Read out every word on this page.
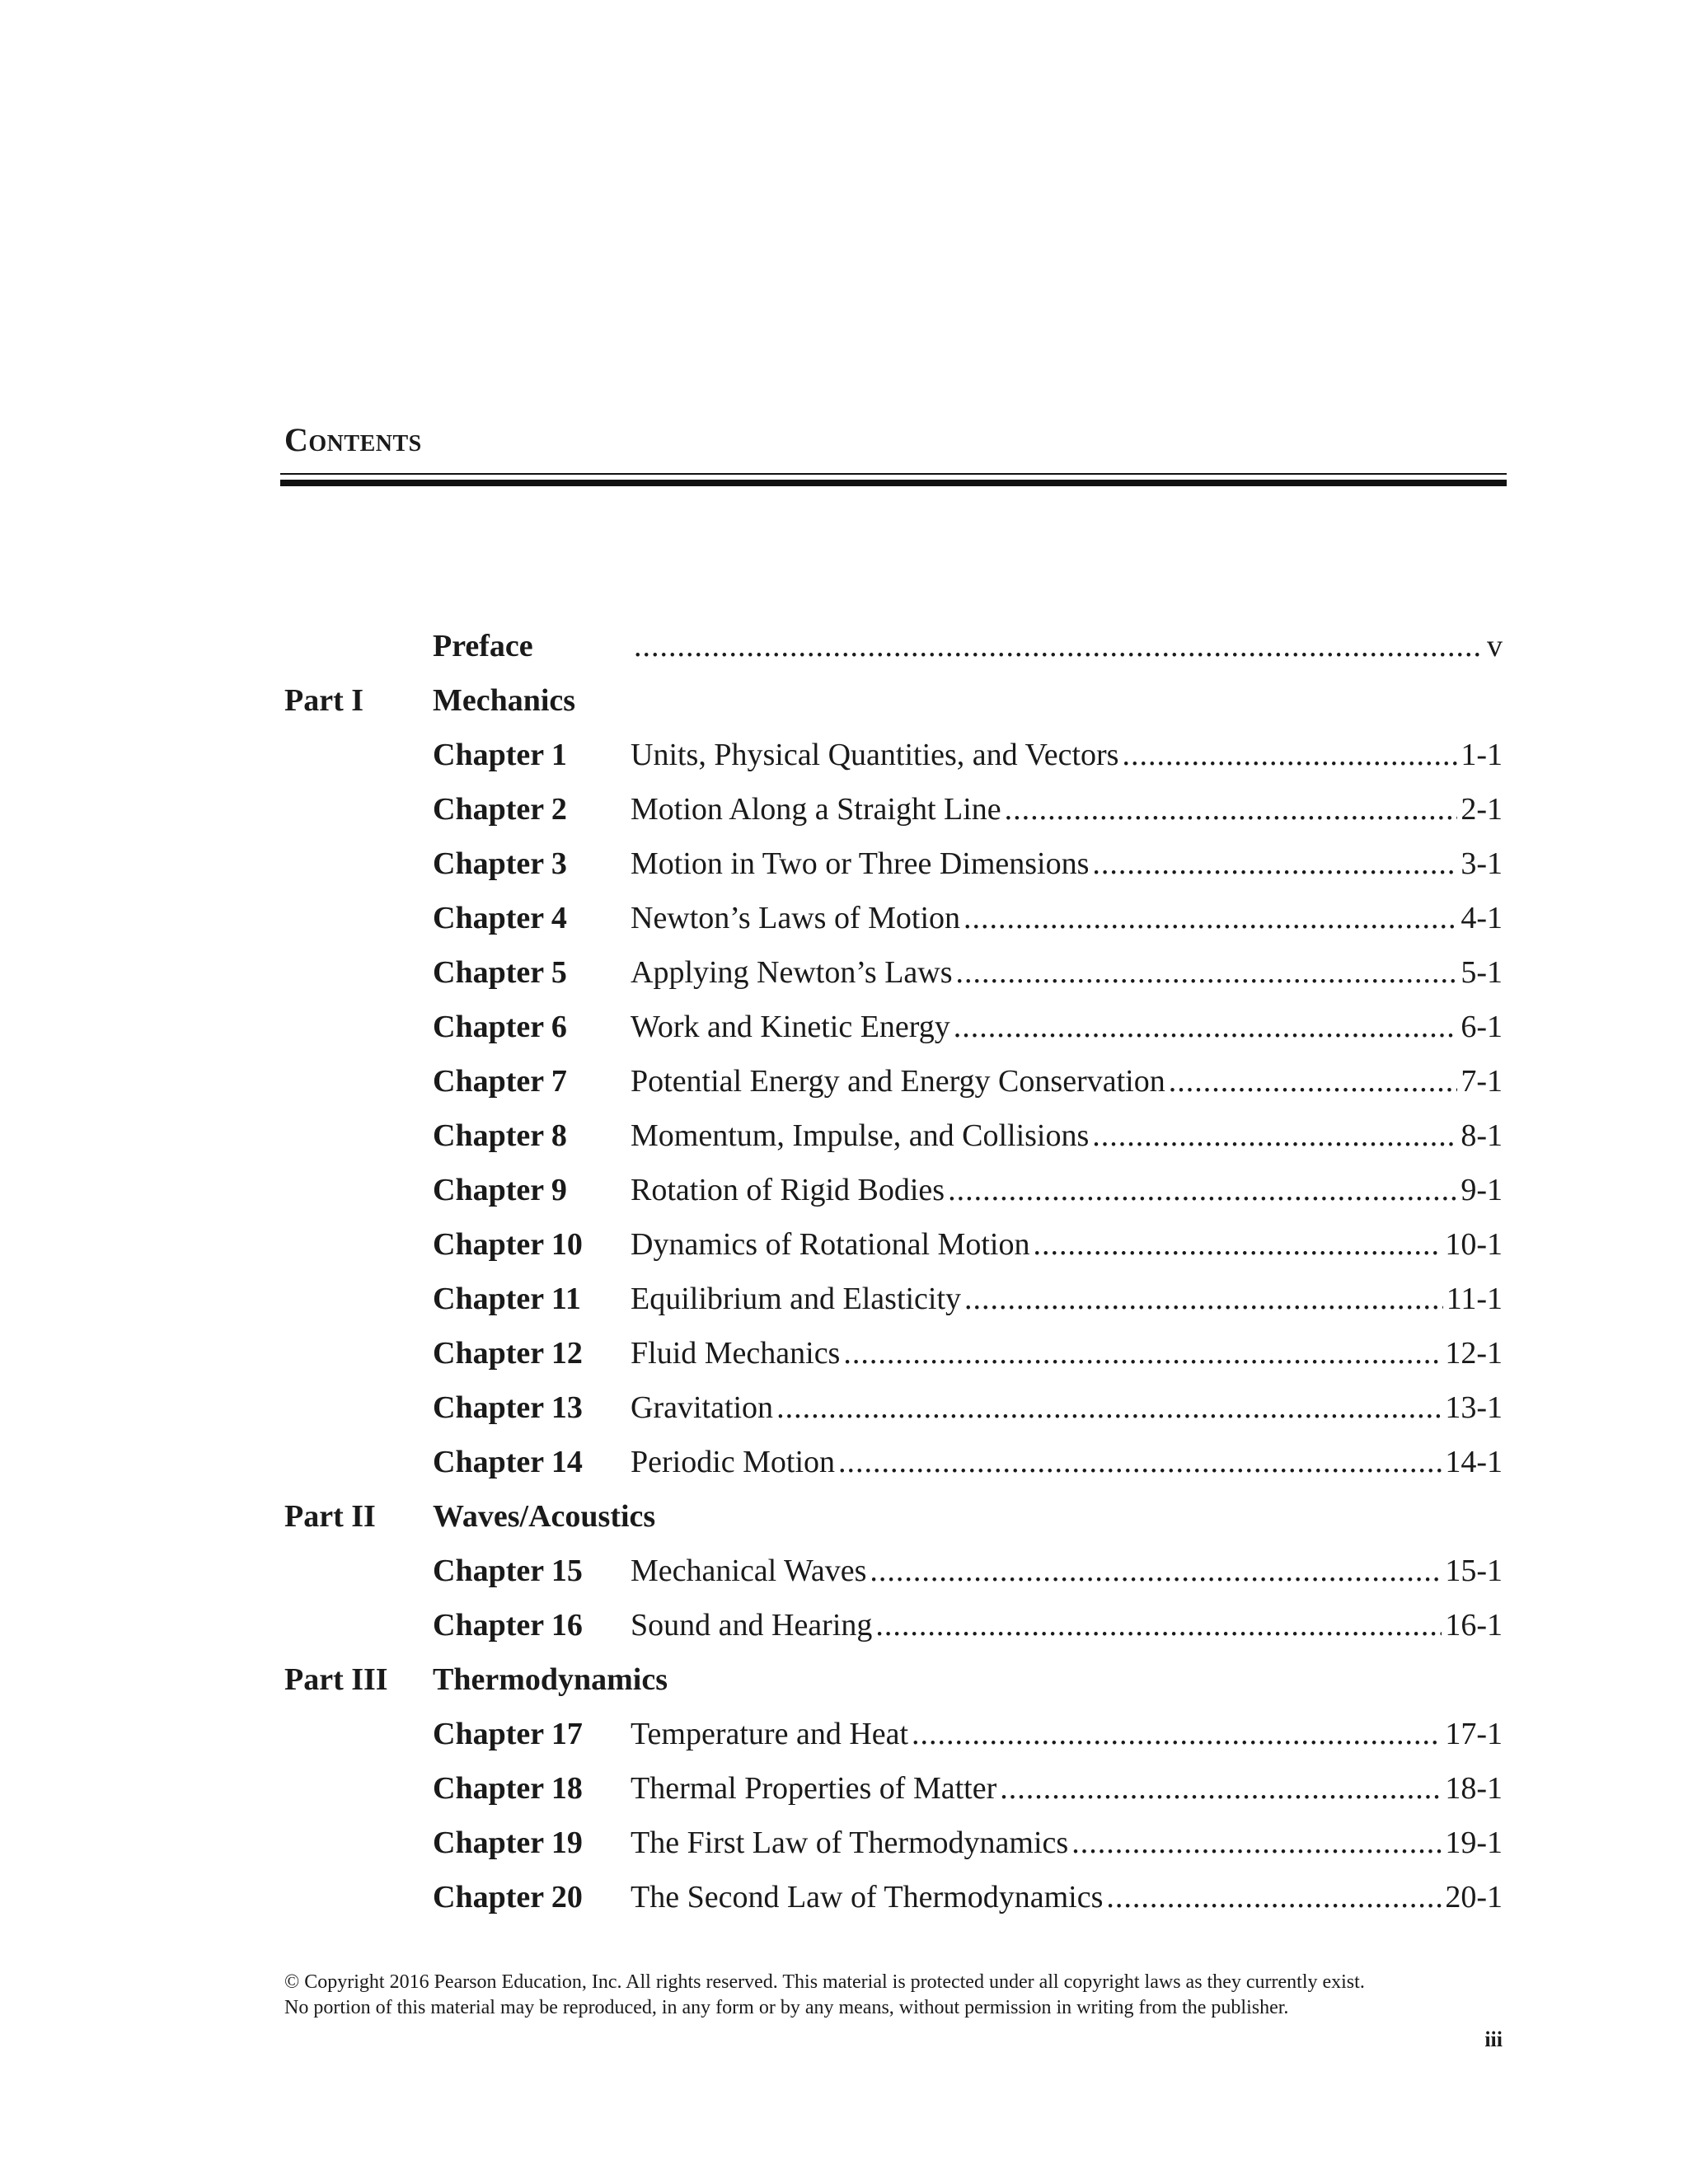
Contents
Preface .....	v
Part I	Mechanics
Chapter 1	Units, Physical Quantities, and Vectors .....	1-1
Chapter 2	Motion Along a Straight Line .....	2-1
Chapter 3	Motion in Two or Three Dimensions .....	3-1
Chapter 4	Newton’s Laws of Motion .....	4-1
Chapter 5	Applying Newton’s Laws .....	5-1
Chapter 6	Work and Kinetic Energy .....	6-1
Chapter 7	Potential Energy and Energy Conservation .....	7-1
Chapter 8	Momentum, Impulse, and Collisions .....	8-1
Chapter 9	Rotation of Rigid Bodies .....	9-1
Chapter 10	Dynamics of Rotational Motion .....	10-1
Chapter 11	Equilibrium and Elasticity .....	11-1
Chapter 12	Fluid Mechanics .....	12-1
Chapter 13	Gravitation .....	13-1
Chapter 14	Periodic Motion .....	14-1
Part II	Waves/Acoustics
Chapter 15	Mechanical Waves .....	15-1
Chapter 16	Sound and Hearing .....	16-1
Part III	Thermodynamics
Chapter 17	Temperature and Heat .....	17-1
Chapter 18	Thermal Properties of Matter .....	18-1
Chapter 19	The First Law of Thermodynamics .....	19-1
Chapter 20	The Second Law of Thermodynamics .....	20-1

© Copyright 2016 Pearson Education, Inc. All rights reserved. This material is protected under all copyright laws as they currently exist.

No portion of this material may be reproduced, in any form or by any means, without permission in writing from the publisher.

iii
